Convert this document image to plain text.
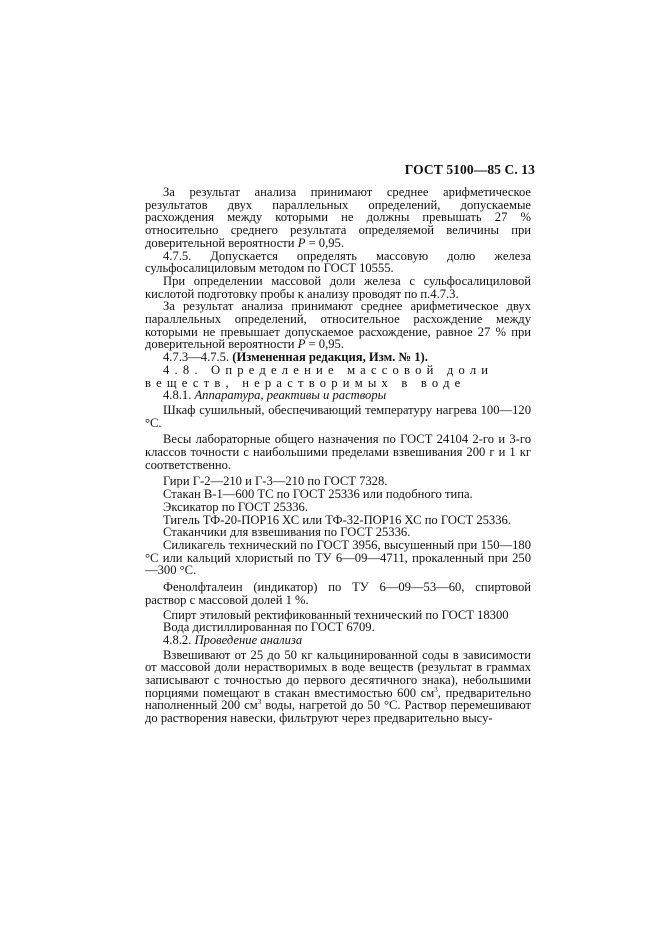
ГОСТ 5100—85 С. 13

За результат анализа принимают среднее арифметическое результатов двух параллельных определений, допускаемые расхождения между которыми не должны превышать 27 % относительно среднего результата определяемой величины при доверительной вероятности P = 0,95.

4.7.5. Допускается определять массовую долю железа сульфосалициловым методом по ГОСТ 10555.

При определении массовой доли железа с сульфосалициловой кислотой подготовку пробы к анализу проводят по п.4.7.3.

За результат анализа принимают среднее арифметическое двух параллельных определений, относительное расхождение между которыми не превышает допускаемое расхождение, равное 27 % при доверительной вероятности P = 0,95.

4.7.3—4.7.5. (Измененная редакция, Изм. № 1).

4.8. Определение массовой доли веществ, нерастворимых в воде

4.8.1. Аппаратура, реактивы и растворы

Шкаф сушильный, обеспечивающий температуру нагрева 100—120 °С.

Весы лабораторные общего назначения по ГОСТ 24104 2-го и 3-го классов точности с наибольшими пределами взвешивания 200 г и 1 кг соответственно.

Гири Г-2—210 и Г-3—210 по ГОСТ 7328.

Стакан В-1—600 ТС по ГОСТ 25336 или подобного типа.

Эксикатор по ГОСТ 25336.

Тигель ТФ-20-ПОР16 ХС или ТФ-32-ПОР16 ХС по ГОСТ 25336.

Стаканчики для взвешивания по ГОСТ 25336.

Силикагель технический по ГОСТ 3956, высушенный при 150—180 °С или кальций хлористый по ТУ 6—09—4711, прокаленный при 250—300 °С.

Фенолфталеин (индикатор) по ТУ 6—09—53—60, спиртовой раствор с массовой долей 1 %.

Спирт этиловый ректификованный технический по ГОСТ 18300

Вода дистиллированная по ГОСТ 6709.

4.8.2. Проведение анализа

Взвешивают от 25 до 50 кг кальцинированной соды в зависимости от массовой доли нерастворимых в воде веществ (результат в граммах записывают с точностью до первого десятичного знака), небольшими порциями помещают в стакан вместимостью 600 $см^3$, предварительно наполненный 200 $см^3$ воды, нагретой до 50 °С. Раствор перемешивают до растворения навески, фильтруют через предварительно высу-
